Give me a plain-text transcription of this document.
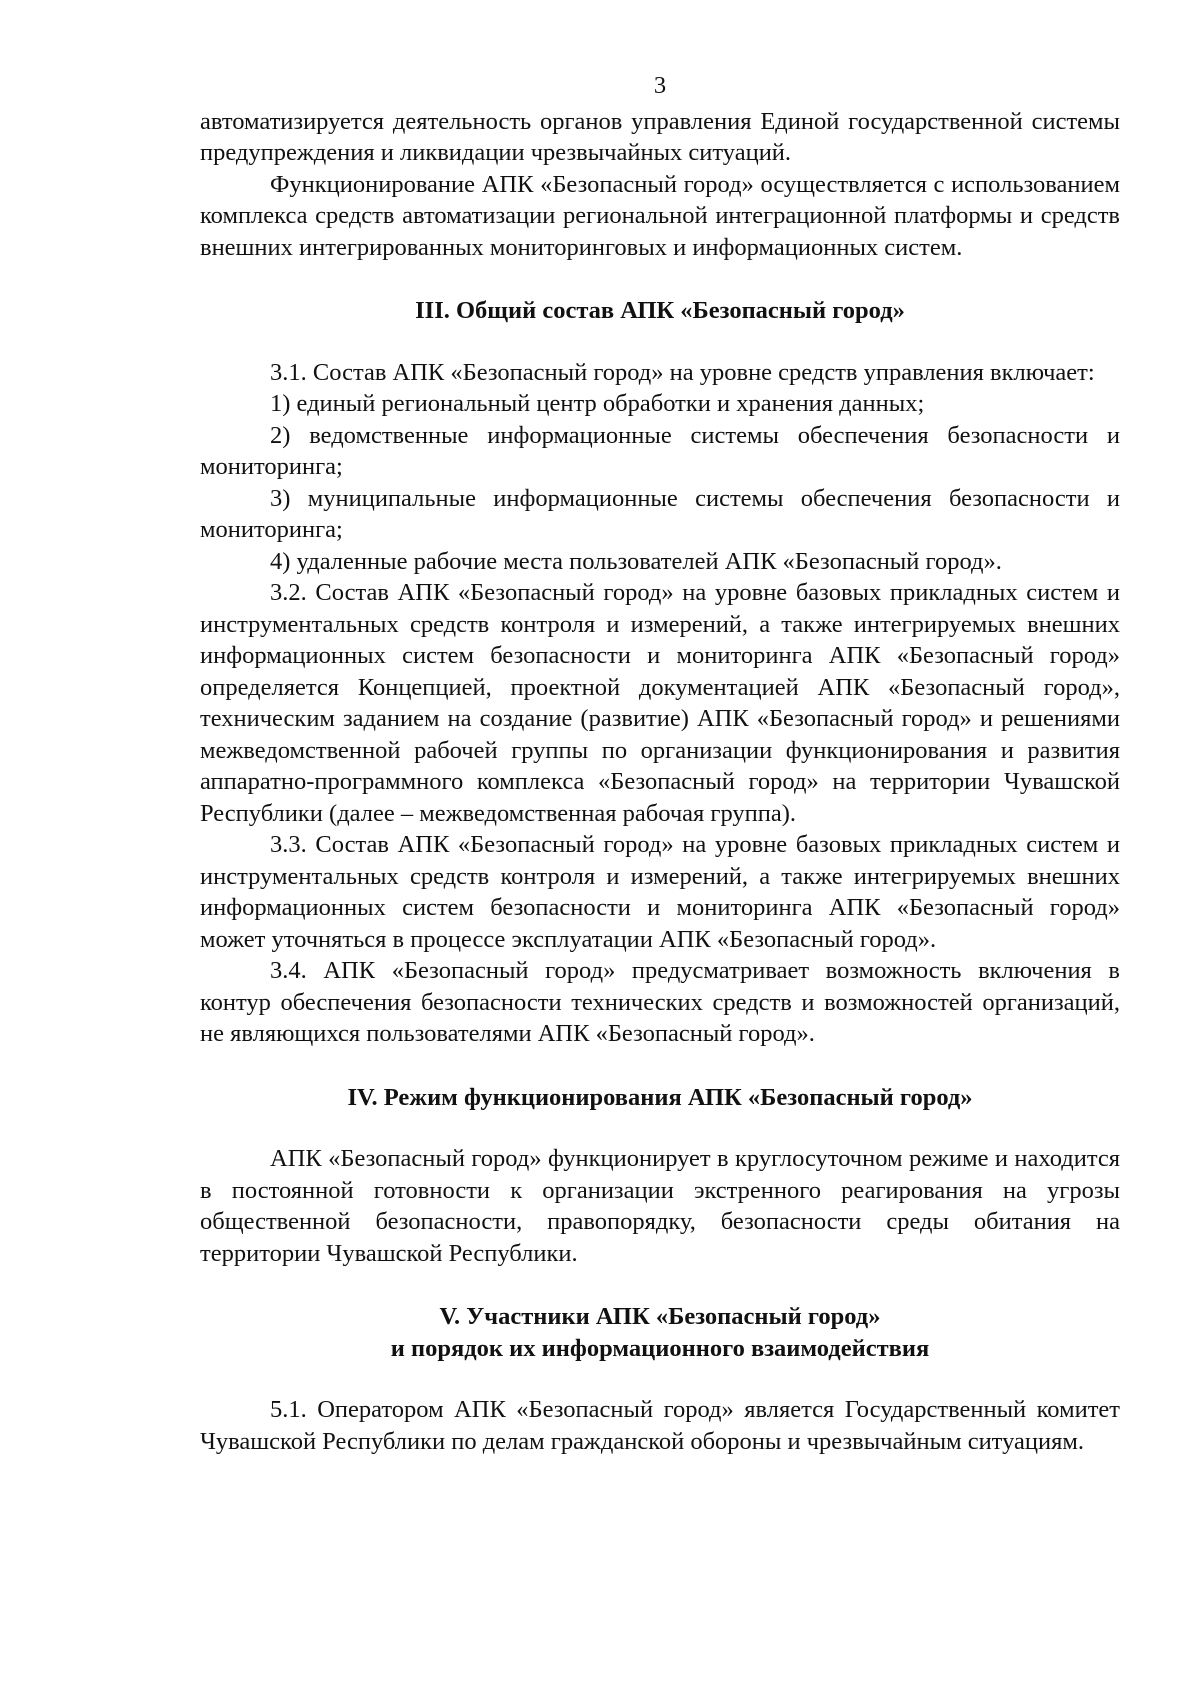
3

автоматизируется деятельность органов управления Единой государственной системы предупреждения и ликвидации чрезвычайных ситуаций.

Функционирование АПК «Безопасный город» осуществляется с использованием комплекса средств автоматизации региональной интеграционной платформы и средств внешних интегрированных мониторинговых и информационных систем.

III. Общий состав АПК «Безопасный город»

3.1. Состав АПК «Безопасный город» на уровне средств управления включает:

1) единый региональный центр обработки и хранения данных;

2) ведомственные информационные системы обеспечения безопасности и мониторинга;

3) муниципальные информационные системы обеспечения безопасности и мониторинга;

4) удаленные рабочие места пользователей АПК «Безопасный город».

3.2. Состав АПК «Безопасный город» на уровне базовых прикладных систем и инструментальных средств контроля и измерений, а также интегрируемых внешних информационных систем безопасности и мониторинга АПК «Безопасный город» определяется Концепцией, проектной документацией АПК «Безопасный город», техническим заданием на создание (развитие) АПК «Безопасный город» и решениями межведомственной рабочей группы по организации функционирования и развития аппаратно-программного комплекса «Безопасный город» на территории Чувашской Республики (далее – межведомственная рабочая группа).

3.3. Состав АПК «Безопасный город» на уровне базовых прикладных систем и инструментальных средств контроля и измерений, а также интегрируемых внешних информационных систем безопасности и мониторинга АПК «Безопасный город» может уточняться в процессе эксплуатации АПК «Безопасный город».

3.4. АПК «Безопасный город» предусматривает возможность включения в контур обеспечения безопасности технических средств и возможностей организаций, не являющихся пользователями АПК «Безопасный город».

IV. Режим функционирования АПК «Безопасный город»

АПК «Безопасный город» функционирует в круглосуточном режиме и находится в постоянной готовности к организации экстренного реагирования на угрозы общественной безопасности, правопорядку, безопасности среды обитания на территории Чувашской Республики.

V. Участники АПК «Безопасный город»
и порядок их информационного взаимодействия

5.1. Оператором АПК «Безопасный город» является Государственный комитет Чувашской Республики по делам гражданской обороны и чрезвычайным ситуациям.
